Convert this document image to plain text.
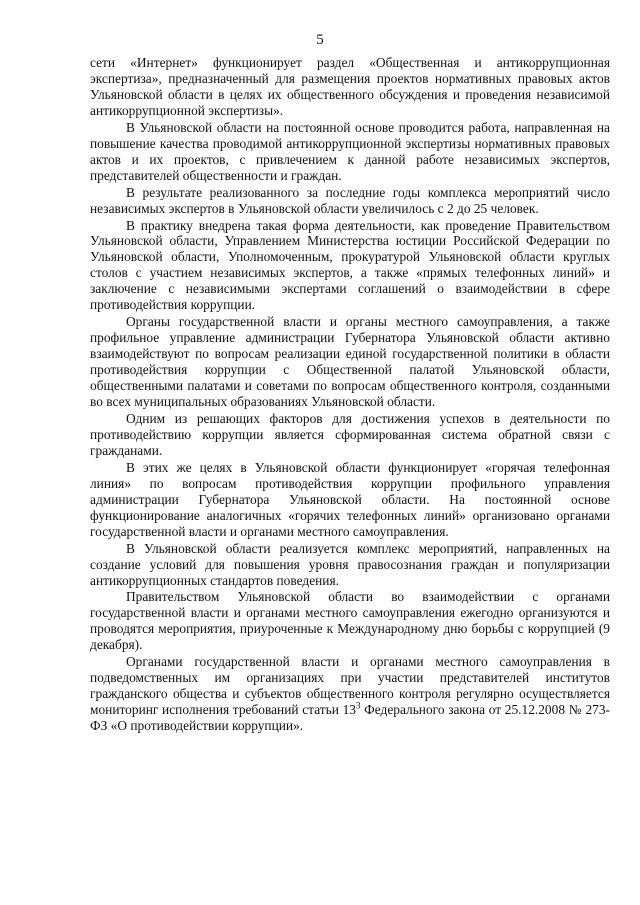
5

сети «Интернет» функционирует раздел «Общественная и антикоррупционная экспертиза», предназначенный для размещения проектов нормативных правовых актов Ульяновской области в целях их общественного обсуждения и проведения независимой антикоррупционной экспертизы».

В Ульяновской области на постоянной основе проводится работа, направленная на повышение качества проводимой антикоррупционной экспертизы нормативных правовых актов и их проектов, с привлечением к данной работе независимых экспертов, представителей общественности и граждан.

В результате реализованного за последние годы комплекса мероприятий число независимых экспертов в Ульяновской области увеличилось с 2 до 25 человек.

В практику внедрена такая форма деятельности, как проведение Правительством Ульяновской области, Управлением Министерства юстиции Российской Федерации по Ульяновской области, Уполномоченным, прокуратурой Ульяновской области круглых столов с участием независимых экспертов, а также «прямых телефонных линий» и заключение с независимыми экспертами соглашений о взаимодействии в сфере противодействия коррупции.

Органы государственной власти и органы местного самоуправления, а также профильное управление администрации Губернатора Ульяновской области активно взаимодействуют по вопросам реализации единой государственной политики в области противодействия коррупции с Общественной палатой Ульяновской области, общественными палатами и советами по вопросам общественного контроля, созданными во всех муниципальных образованиях Ульяновской области.

Одним из решающих факторов для достижения успехов в деятельности по противодействию коррупции является сформированная система обратной связи с гражданами.

В этих же целях в Ульяновской области функционирует «горячая телефонная линия» по вопросам противодействия коррупции профильного управления администрации Губернатора Ульяновской области. На постоянной основе функционирование аналогичных «горячих телефонных линий» организовано органами государственной власти и органами местного самоуправления.

В Ульяновской области реализуется комплекс мероприятий, направленных на создание условий для повышения уровня правосознания граждан и популяризации антикоррупционных стандартов поведения.

Правительством Ульяновской области во взаимодействии с органами государственной власти и органами местного самоуправления ежегодно организуются и проводятся мероприятия, приуроченные к Международному дню борьбы с коррупцией (9 декабря).

Органами государственной власти и органами местного самоуправления в подведомственных им организациях при участии представителей институтов гражданского общества и субъектов общественного контроля регулярно осуществляется мониторинг исполнения требований статьи $13^3$ Федерального закона от 25.12.2008 № 273-ФЗ «О противодействии коррупции».
